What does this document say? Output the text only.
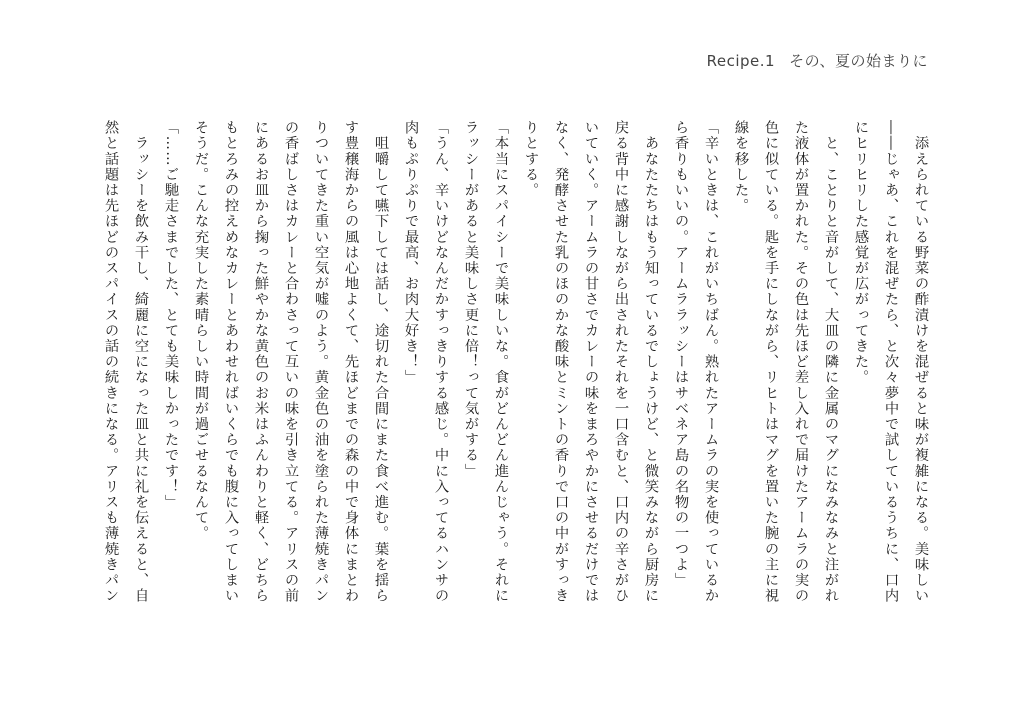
Recipe.1 その、夏の始まりに

　添えられている野菜の酢漬けを混ぜると味が複雑になる。美味しい

――じゃあ、これを混ぜたら、と次々夢中で試しているうちに、口内にヒリヒリした感覚が広がってきた。

　と、ことりと音がして、大皿の隣に金属のマグになみなみと注がれた液体が置かれた。その色は先ほど差し入れで届けたアームラの実の色に似ている。匙を手にしながら、リヒトはマグを置いた腕の主に視線を移した。

「辛いときは、これがいちばん。熟れたアームラの実を使っているから香りもいいの。アームララッシーはサベネア島の名物の一つよ」

　あなたたちはもう知っているでしょうけど、と微笑みながら厨房に戻る背中に感謝しながら出されたそれを一口含むと、口内の辛さがひいていく。アームラの甘さでカレーの味をまろやかにさせるだけではなく、発酵させた乳のほのかな酸味とミントの香りで口の中がすっきりとする。

「本当にスパイシーで美味しいな。食がどんどん進んじゃう。それにラッシーがあると美味しさ更に倍！って気がする」

「うん、辛いけどなんだかすっきりする感じ。中に入ってるハンサの肉もぷりぷりで最高、お肉大好き！」

　咀嚼して嚥下しては話し、途切れた合間にまた食べ進む。葉を揺らす豊穣海からの風は心地よくて、先ほどまでの森の中で身体にまとわりついてきた重い空気が嘘のよう。黄金色の油を塗られた薄焼きパンの香ばしさはカレーと合わさって互いの味を引き立てる。アリスの前にあるお皿から掬った鮮やかな黄色のお米はふんわりと軽く、どちらもとろみの控えめなカレーとあわせればいくらでも腹に入ってしまいそうだ。こんな充実した素晴らしい時間が過ごせるなんて。

「……ご馳走さまでした、とても美味しかったです！」

　ラッシーを飲み干し、綺麗に空になった皿と共に礼を伝えると、自然と話題は先ほどのスパイスの話の続きになる。アリスも薄焼きパン
